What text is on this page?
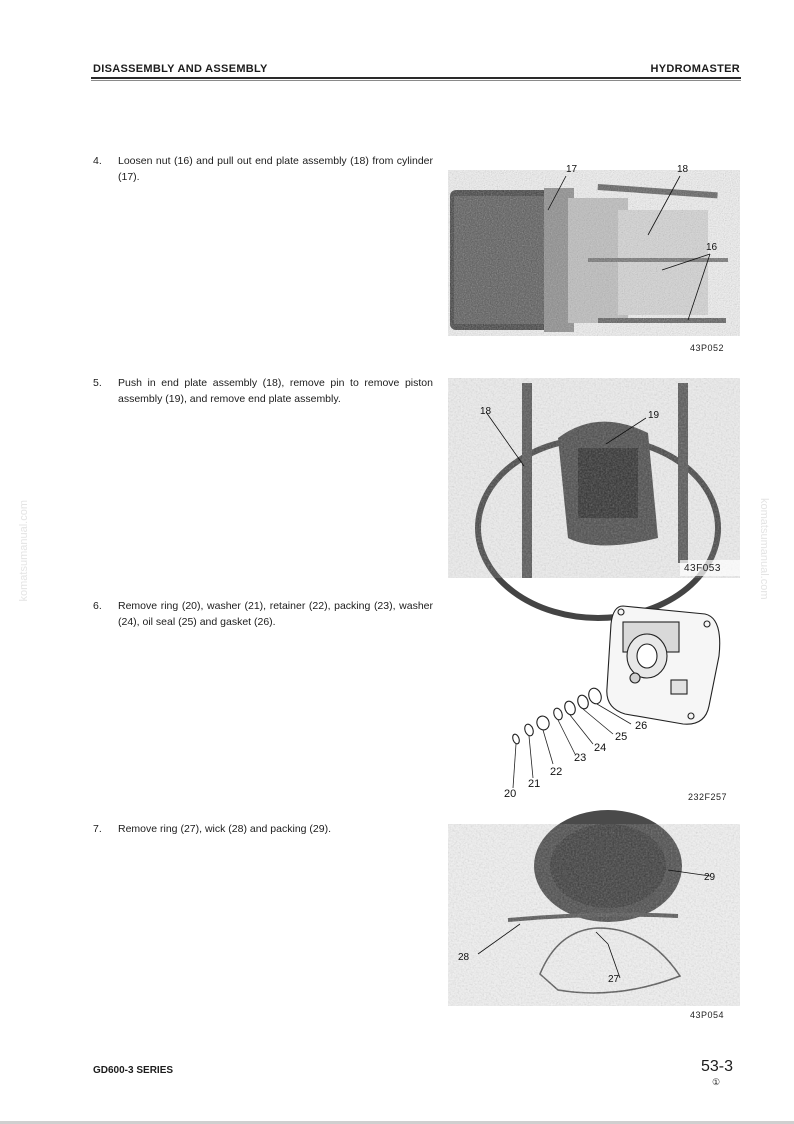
DISASSEMBLY AND ASSEMBLY	HYDROMASTER
komatsumanual.com	komatsumanual.com
4.	Loosen nut (16) and pull out end plate assembly (18) from cylinder (17).
17	18
16
43P052
5.	Push in end plate assembly (18), remove pin to remove piston assembly (19), and remove end plate assembly.
18	19
43F053
6.	Remove ring (20), washer (21), retainer (22), packing (23), washer (24), oil seal (25) and gasket (26).
26
25
24
23
22
21
20	232F257
7.	Remove ring (27), wick (28) and packing (29).
29
28
27
43P054
GD600-3 SERIES	53-3
①
